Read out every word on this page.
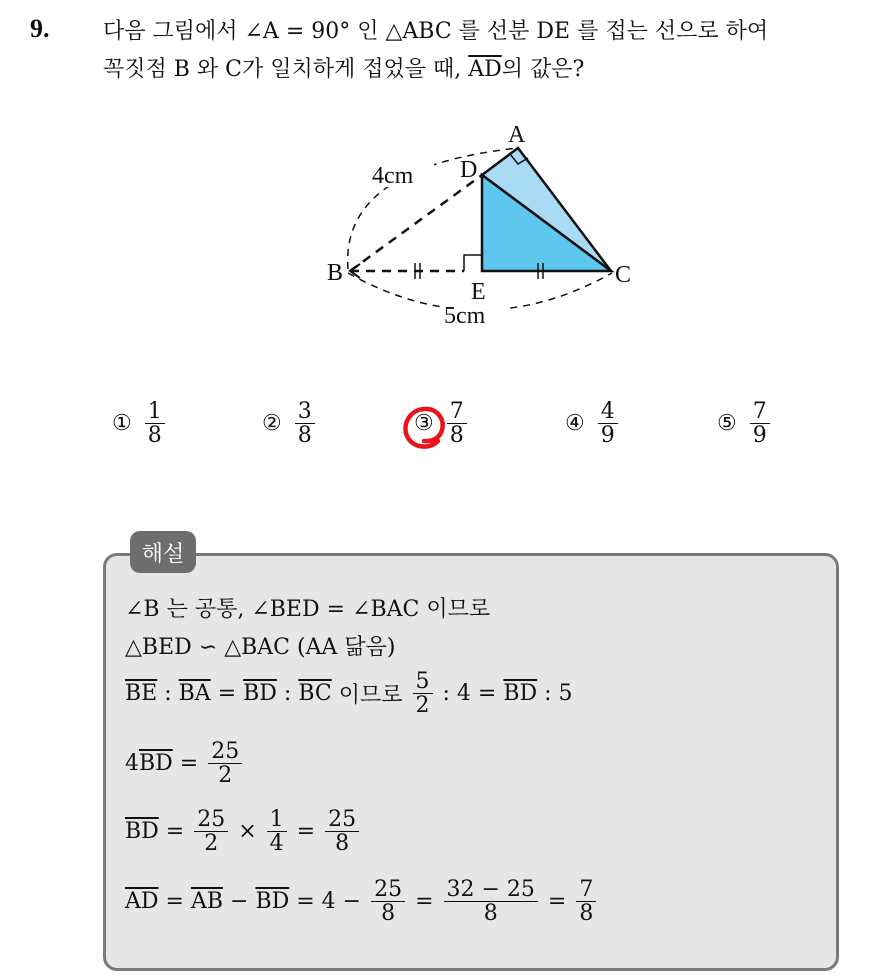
9. 다음 그림에서 ∠A = 90° 인 △ABC 를 선분 DE 를 접는 선으로 하여
꼭짓점 B 와 C가 일치하게 접었을 때, $\overline{AD}$의 값은?
A
B	C
D
E
4cm
5cm
① $\frac{1}{8}$	② $\frac{3}{8}$	③ $\frac{7}{8}$	④ $\frac{4}{9}$	⑤ $\frac{7}{9}$
해설
∠B 는 공통, ∠BED = ∠BAC 이므로
△BED ∽ △BAC (AA 닮음)
$\overline{BE}$ : $\overline{BA} = \overline{BD}$ : $\overline{BC}$ 이므로 $\frac{5}{2}$ : $4 = \overline{BD}$ : 5
4 $\overline{BD} = \frac{25}{2}$
$\overline{BD} = \frac{25}{2} \times \frac{1}{4} = \frac{25}{8}$
$\overline{AD} = \overline{AB} - \overline{BD} = 4 - \frac{25}{8} = \frac{32 - 25}{8} = \frac{7}{8}$
